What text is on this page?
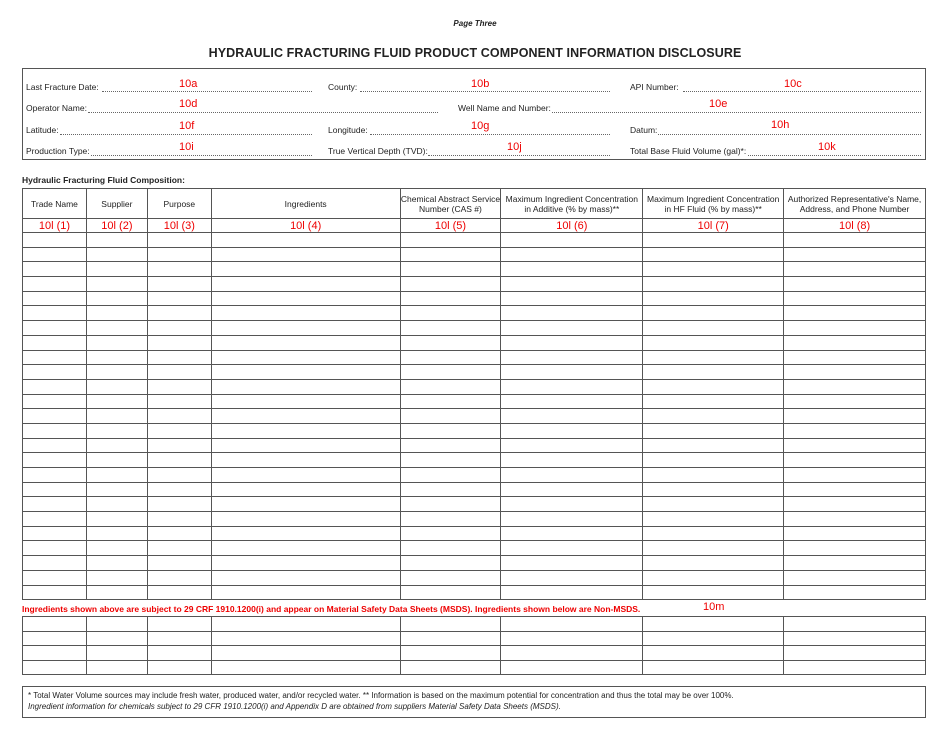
Page Three
HYDRAULIC FRACTURING FLUID PRODUCT COMPONENT INFORMATION DISCLOSURE
Last Fracture Date:	10a	County:	10b	API Number:	10c
Operator Name:	10d	Well Name and Number:	10e
Latitude:	10f	Longitude:	10g	Datum:	10h
Production Type:	10i	True Vertical Depth (TVD):	10j	Total Base Fluid Volume (gal)*:	10k
Hydraulic Fracturing Fluid Composition:
Trade Name	Supplier	Purpose	Ingredients	Chemical Abstract Service Number (CAS #)	Maximum Ingredient Concentration in Additive (% by mass)**	Maximum Ingredient Concentration in HF Fluid (% by mass)**	Authorized Representative's Name, Address, and Phone Number
10l (1)	10l (2)	10l (3)	10l (4)	10l (5)	10l (6)	10l (7)	10l (8)

Ingredients shown above are subject to 29 CRF 1910.1200(i) and appear on Material Safety Data Sheets (MSDS). Ingredients shown below are Non-MSDS.	10m

* Total Water Volume sources may include fresh water, produced water, and/or recycled water. ** Information is based on the maximum potential for concentration and thus the total may be over 100%.
Ingredient information for chemicals subject to 29 CFR 1910.1200(i) and Appendix D are obtained from suppliers Material Safety Data Sheets (MSDS).
